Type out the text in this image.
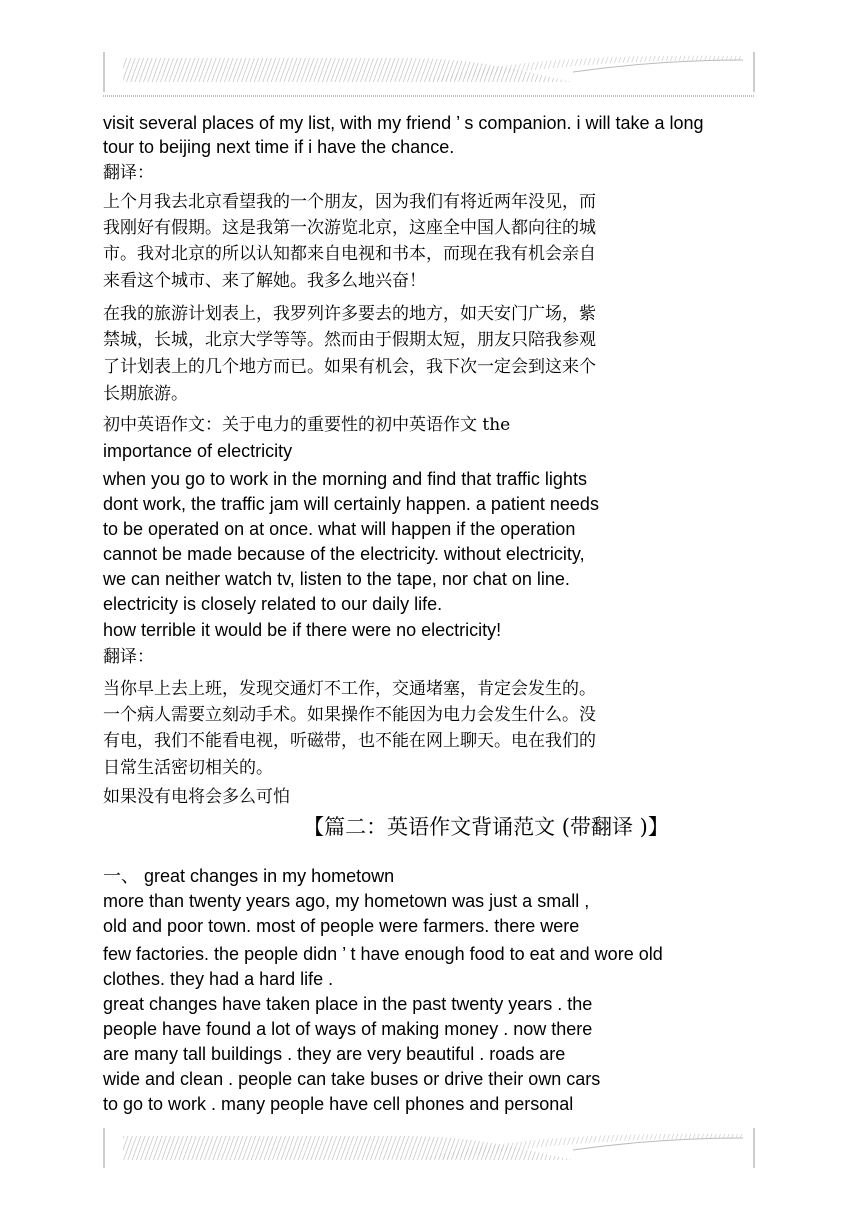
visit several places of my list, with my friend ’ s companion. i will take a long
tour to beijing next time if i have the chance.
翻译：
上个月我去北京看望我的一个朋友，因为我们有将近两年没见，而
我刚好有假期。这是我第一次游览北京，这座全中国人都向往的城
市。我对北京的所以认知都来自电视和书本，而现在我有机会亲自
来看这个城市、来了解她。我多么地兴奋！
在我的旅游计划表上，我罗列许多要去的地方，如天安门广场，紫
禁城，长城，北京大学等等。然而由于假期太短，朋友只陪我参观
了计划表上的几个地方而已。如果有机会，我下次一定会到这来个
长期旅游。
初中英语作文：关于电力的重要性的初中英语作文 the
importance of electricity
when you go to work in the morning and find that traffic lights
dont work, the traffic jam will certainly happen. a patient needs
to be operated on at once. what will happen if the operation
cannot be made because of the electricity. without electricity,
we can neither watch tv, listen to the tape, nor chat on line.
electricity is closely related to our daily life.
how terrible it would be if there were no electricity!
翻译：
当你早上去上班，发现交通灯不工作，交通堵塞，肯定会发生的。
一个病人需要立刻动手术。如果操作不能因为电力会发生什么。没
有电，我们不能看电视，听磁带，也不能在网上聊天。电在我们的
日常生活密切相关的。
如果没有电将会多么可怕
一、 great changes in my hometown
more than twenty years ago, my hometown was just a small ,
old and poor town. most of people were farmers. there were
few factories. the people didn ’ t have enough food to eat and wore old
clothes. they had a hard life .
great changes have taken place in the past twenty years . the
people have found a lot of ways of making money . now there
are many tall buildings . they are very beautiful . roads are
wide and clean . people can take buses or drive their own cars
to go to work . many people have cell phones and personal
【篇二：英语作文背诵范文 (带翻译 )】
